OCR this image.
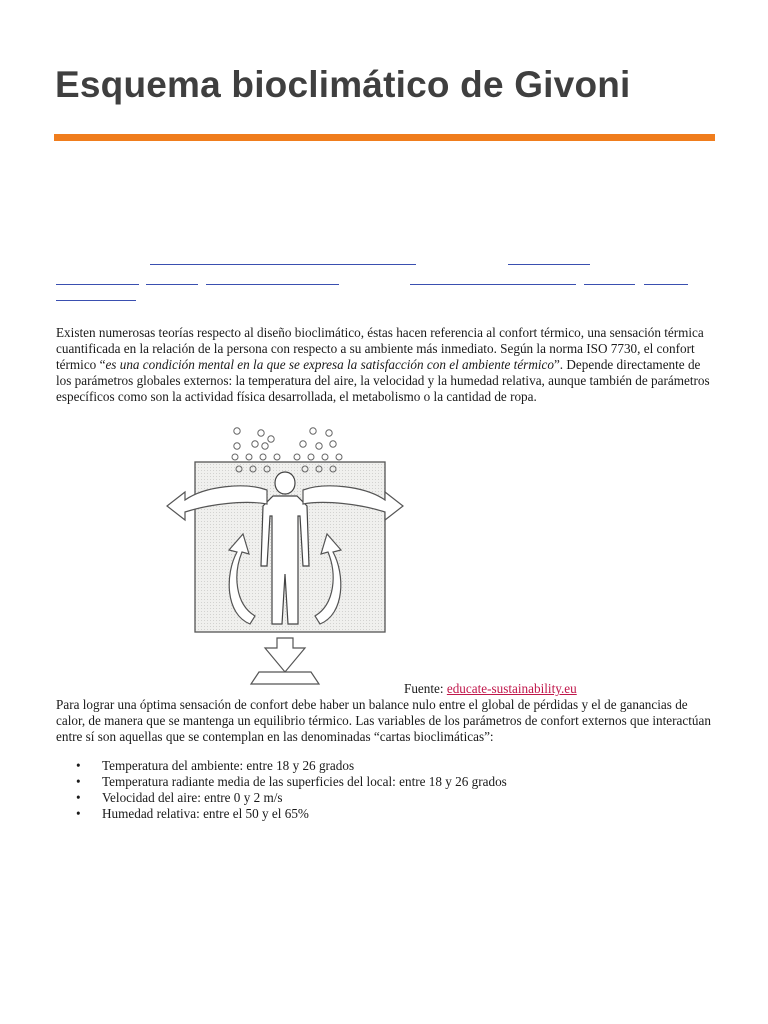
Esquema bioclimático de Givoni

Existen numerosas teorías respecto al diseño bioclimático, éstas hacen referencia al confort térmico, una sensación térmica cuantificada en la relación de la persona con respecto a su ambiente más inmediato. Según la norma ISO 7730, el confort térmico “es una condición mental en la que se expresa la satisfacción con el ambiente térmico”. Depende directamente de los parámetros globales externos: la temperatura del aire, la velocidad y la humedad relativa, aunque también de parámetros específicos como son la actividad física desarrollada, el metabolismo o la cantidad de ropa.

Fuente: educate-sustainability.eu

Para lograr una óptima sensación de confort debe haber un balance nulo entre el global de pérdidas y el de ganancias de calor, de manera que se mantenga un equilibrio térmico. Las variables de los parámetros de confort externos que interactúan entre sí son aquellas que se contemplan en las denominadas “cartas bioclimáticas”:

• Temperatura del ambiente: entre 18 y 26 grados
• Temperatura radiante media de las superficies del local: entre 18 y 26 grados
• Velocidad del aire: entre 0 y 2 m/s
• Humedad relativa: entre el 50 y el 65%
